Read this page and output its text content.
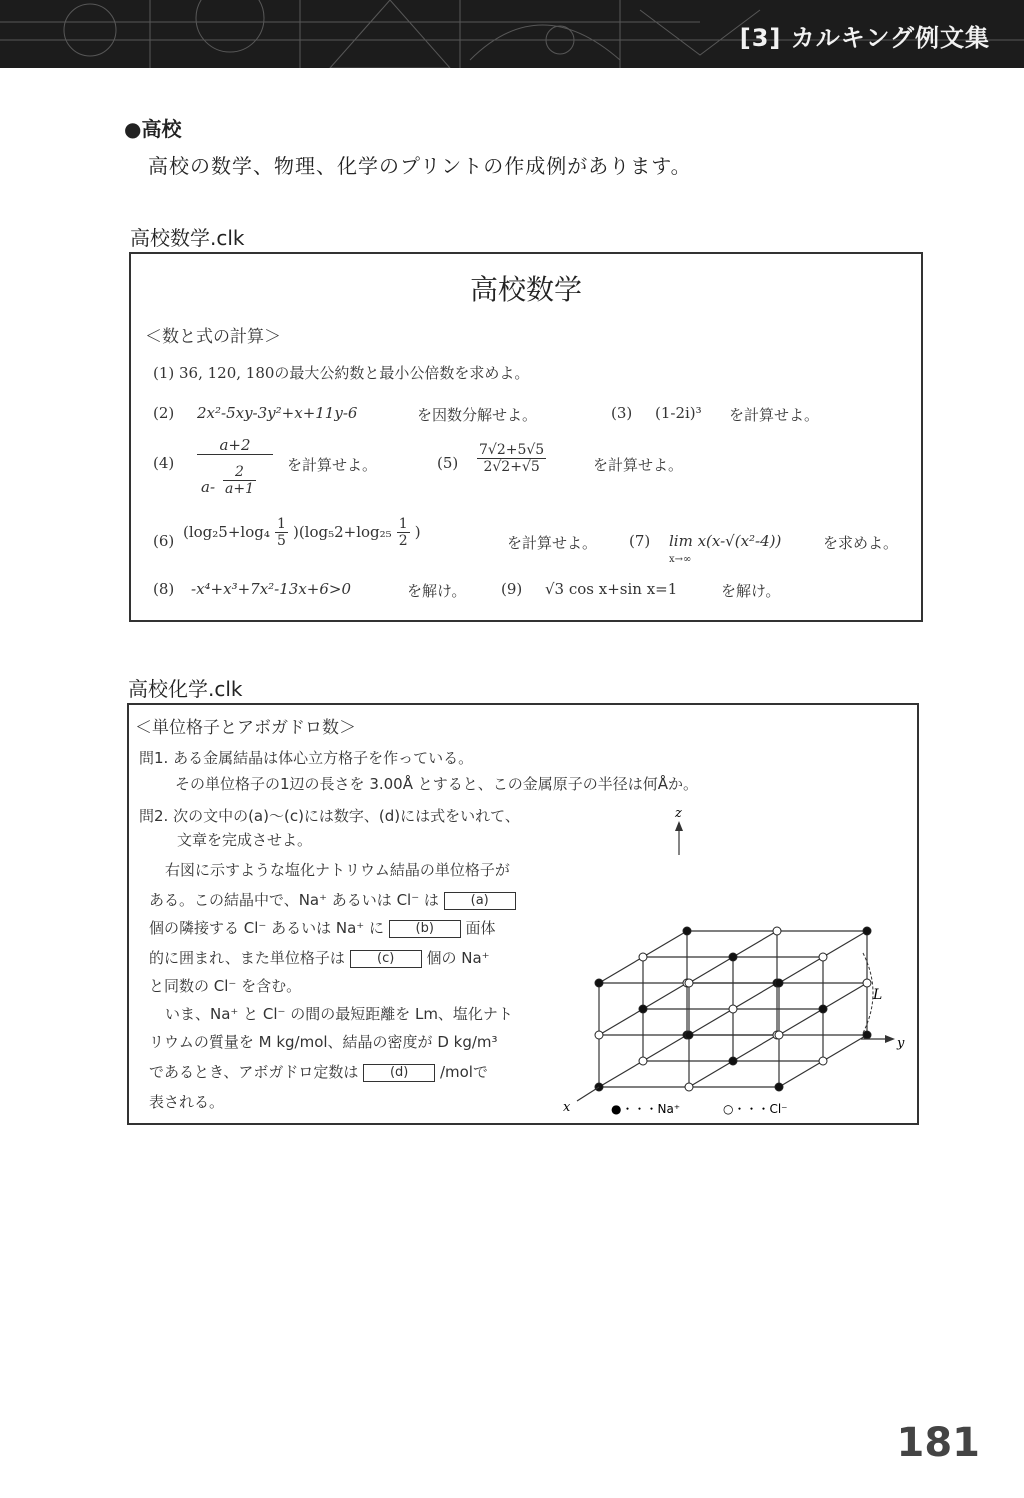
[3] カルキング例文集
●高校
高校の数学、物理、化学のプリントの作成例があります。
高校数学.clk
高校数学
＜数と式の計算＞
(1) 36, 120, 180の最大公約数と最小公倍数を求めよ。
(2) 2x²-5xy-3y²+x+11y-6	を因数分解せよ。	(3) (1-2i)³ を計算せよ。
(4)
a+2
$a- \frac{2}{a+1}$ を計算せよ。	$(5) \frac{7√2+5√5}{2√2+√5}$	を計算せよ。
(6) $(\log_25+\log_4 \frac{1}{5} )(\log_52+\log_{25} \frac{1}{2}$ )
を計算せよ。 (7) lim x(x-√(x²-4))
x→∞
を求めよ。
(8) -x⁴+x³+7x²-13x+6>0	を解け。 (9) √3 cos x+sin x=1	を解け。
高校化学.clk
＜単位格子とアボガドロ数＞
問1. ある金属結晶は体心立方格子を作っている。
その単位格子の1辺の長さを 3.00Å とすると、この金属原子の半径は何Åか。
問2. 次の文中の(a)～(c)には数字、(d)には式をいれて、
文章を完成させよ。
右図に示すような塩化ナトリウム結晶の単位格子が
ある。この結晶中で、Na⁺ あるいは Cl⁻ は (a)
個の隣接する Cl⁻ あるいは Na⁺ に (b) 面体
的に囲まれ、また単位格子は (c) 個の Na⁺
と同数の Cl⁻ を含む。
いま、Na⁺ と Cl⁻ の間の最短距離を Lm、塩化ナト
リウムの質量を M kg/mol、結晶の密度が D kg/m³
であるとき、アボガドロ定数は (d) /molで
表される。
z
y
x
L
●・・・Na⁺	○・・・Cl⁻
181
